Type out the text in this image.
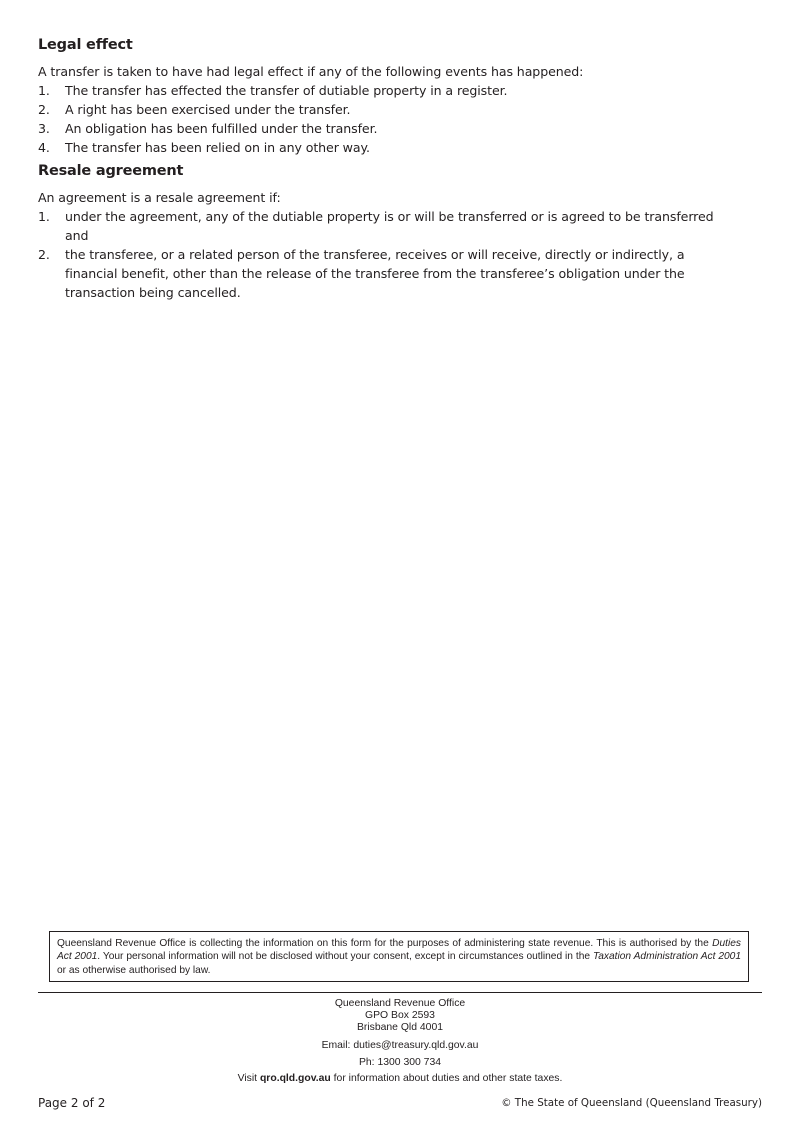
Legal effect

A transfer is taken to have had legal effect if any of the following events has happened:

1. The transfer has effected the transfer of dutiable property in a register.
2. A right has been exercised under the transfer.
3. An obligation has been fulfilled under the transfer.
4. The transfer has been relied on in any other way.
Resale agreement

An agreement is a resale agreement if:

1. under the agreement, any of the dutiable property is or will be transferred or is agreed to be transferred
and
2. the transferee, or a related person of the transferee, receives or will receive, directly or indirectly, a financial benefit, other than the release of the transferee from the transferee’s obligation under the transaction being cancelled.
Queensland Revenue Office is collecting the information on this form for the purposes of administering state revenue. This is authorised by the Duties Act 2001. Your personal information will not be disclosed without your consent, except in circumstances outlined in the Taxation Administration Act 2001 or as otherwise authorised by law.
Queensland Revenue Office
GPO Box 2593
Brisbane Qld 4001
Email: duties@treasury.qld.gov.au
Ph: 1300 300 734
Visit qro.qld.gov.au for information about duties and other state taxes.
Page 2 of 2	© The State of Queensland (Queensland Treasury)
